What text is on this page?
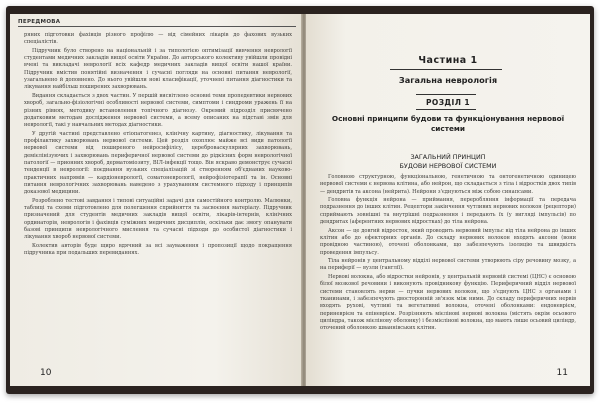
ПЕРЕДМОВА

ряних підготовки фахівців різного профілю — від сімейних лікарів до фахових вузьких спеціалістів.

Підручник було створено на національній і за типологією оптимізації вивчення неврології студентами медичних закладів вищої освіти України. До авторського колективу увійшли провідні вчені та викладачі неврології всіх кафедр медичних закладів вищої освіти нашої країни. Підручник вмістив понятійні визначення і сучасні погляди на основні питання неврології, узагальнено й доповнено. До нього увійшли нові класифікації, уточнені питання діагностики та лікування найбільш поширених захворювань.

Видання складається з двох частин. У першій висвітлено основні теми пропедевтики нервових хвороб, загально-фізіологічні особливості нервової системи, симптоми і синдроми уражень її на різних рівнях, методику встановлення топічного діагнозу. Окремий підрозділ присвячено додатковим методам дослідження нервової системи, а всему описаних на підставі змін для неврології, такі у навчальних методах діагностики.

У другій частині представлено етіопатогенез, клінічну картину, діагностику, лікування та профілактику захворювань нервової системи. Цей розділ охоплює майже всі види патології нервової системи від поширеного нейросифілісу, цереброваскулярних захворювань, демієлінізуючих і захворювань периферичної нервової системи до рідкісних форм неврологічної патології — прионних хвороб, дерматоміозиту, ВІЛ-інфекції тощо. Він яскраво демонструє сучасні тенденції в неврології: поєднання вузьких спеціалізацій зі створенням об'єднаних науково-практичних напрямів — кардіоневрології, соматоневрології, нейрофізіотерапії та ін. Основні питання неврологічних захворювань наведено з урахуванням системного підходу і принципів доказової медицини.

Розроблено тестові завдання і типові ситуаційні задачі для самостійного контролю. Малюнки, таблиці та схеми підготовлено для полегшення сприйняття та засвоєння матеріалу. Підручник призначений для студентів медичних закладів вищої освіти, лікарів-інтернів, клінічних ординаторів, неврологів і фахівців суміжних медичних дисциплін, оскільки дає змогу опанувати базові принципи неврологічного мислення та сучасні підходи до особистої діагностики і лікування хвороб нервової системи.

Колектив авторів буде щиро вдячний за всі зауваження і пропозиції щодо покращення підручника при подальших перевиданнях.

10
Частина 1
Загальна неврологія
РОЗДІЛ 1
Основні принципи будови та функціонування нервової системи
ЗАГАЛЬНИЙ ПРИНЦИП
БУДОВИ НЕРВОВОЇ СИСТЕМИ

Головною структурною, функціональною, генетичною та онтогенетичною одиницею нервової системи є нервова клітина, або нейрон, що складається з тіла і відростків двох типів — дендритів та аксона (нейрита). Нейрони з'єднуються між собою синапсами.

Головна функція нейрона — приймання, переробляння інформації та передача подразнення до інших клітин. Рецептори закінчення чутливих нервових волокон (рецептори) сприймають зовнішні та внутрішні подразнення і передають їх (у вигляді імпульсів) по дендритах (аферентних нервових відростках) до тіла нейрона.

Аксон — це довгий відросток, який проводить нервовий імпульс від тіла нейрона до інших клітин або до ефекторних органів. До складу нервових волокон входять аксони (вони провідною частиною), оточені оболонками, що забезпечують ізоляцію та швидкість проведення імпульсу.

Тіла нейронів у центральному відділі нервової системи утворюють сіру речовину мозку, а на периферії — вузли (ганглії).

Нервові волокна, або відростки нейронів, у центральній нервовій системі (ЦНС) є основою білої мозкової речовини і виконують провідникову функцію. Периферичний відділ нервової системи становлять нерви — пучки нервових волокон, що з'єднують ЦНС з органами і тканинами, і забезпечують двосторонній зв'язок між ними. До складу периферичних нервів входять рухові, чутливі та вегетативні волокна, оточені оболонками: ендоневрієм, периневрієм та епіневрієм. Розрізняють мієлінові нервові волокна (містять окрім осьового циліндра, також мієлінову оболонку) і безмієлінові волокна, що мають лише осьовий циліндр, оточений оболонкою шваннівських клітин.

11
